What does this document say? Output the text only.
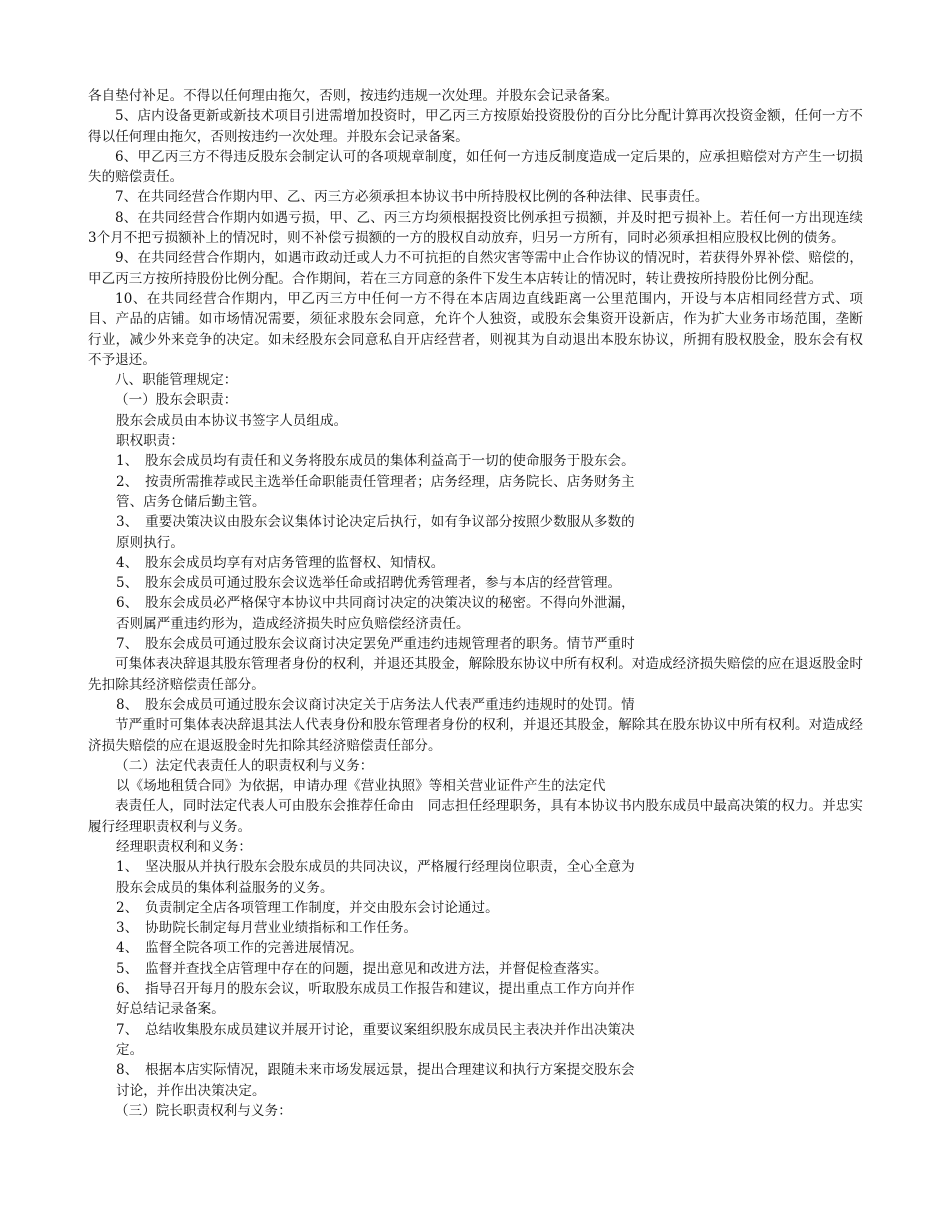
各自垫付补足。不得以任何理由拖欠，否则，按违约违规一次处理。并股东会记录备案。

5、店内设备更新或新技术项目引进需增加投资时，甲乙丙三方按原始投资股份的百分比分配计算再次投资金额，任何一方不得以任何理由拖欠，否则按违约一次处理。并股东会记录备案。

6、甲乙丙三方不得违反股东会制定认可的各项规章制度，如任何一方违反制度造成一定后果的，应承担赔偿对方产生一切损失的赔偿责任。

7、在共同经营合作期内甲、乙、丙三方必须承担本协议书中所持股权比例的各种法律、民事责任。

8、在共同经营合作期内如遇亏损，甲、乙、丙三方均须根据投资比例承担亏损额，并及时把亏损补上。若任何一方出现连续3个月不把亏损额补上的情况时，则不补偿亏损额的一方的股权自动放弃，归另一方所有，同时必须承担相应股权比例的债务。

9、在共同经营合作期内，如遇市政动迁或人力不可抗拒的自然灾害等需中止合作协议的情况时，若获得外界补偿、赔偿的，甲乙丙三方按所持股份比例分配。合作期间，若在三方同意的条件下发生本店转让的情况时，转让费按所持股份比例分配。

10、在共同经营合作期内，甲乙丙三方中任何一方不得在本店周边直线距离一公里范围内，开设与本店相同经营方式、项目、产品的店铺。如市场情况需要，须征求股东会同意，允许个人独资，或股东会集资开设新店，作为扩大业务市场范围，垄断行业，减少外来竞争的决定。如未经股东会同意私自开店经营者，则视其为自动退出本股东协议，所拥有股权股金，股东会有权不予退还。

八、职能管理规定：

（一）股东会职责：

股东会成员由本协议书签字人员组成。

职权职责：

1、　股东会成员均有责任和义务将股东成员的集体利益高于一切的使命服务于股东会。

2、　按责所需推荐或民主选举任命职能责任管理者；店务经理，店务院长、店务财务主

管、店务仓储后勤主管。

3、　重要决策决议由股东会议集体讨论决定后执行，如有争议部分按照少数服从多数的

原则执行。

4、　股东会成员均享有对店务管理的监督权、知情权。

5、　股东会成员可通过股东会议选举任命或招聘优秀管理者，参与本店的经营管理。

6、　股东会成员必严格保守本协议中共同商讨决定的决策决议的秘密。不得向外泄漏，

否则属严重违约形为，造成经济损失时应负赔偿经济责任。

7、　股东会成员可通过股东会议商讨决定罢免严重违约违规管理者的职务。情节严重时

可集体表决辞退其股东管理者身份的权利，并退还其股金，解除股东协议中所有权利。对造成经济损失赔偿的应在退返股金时先扣除其经济赔偿责任部分。

8、　股东会成员可通过股东会议商讨决定关于店务法人代表严重违约违规时的处罚。情

节严重时可集体表决辞退其法人代表身份和股东管理者身份的权利，并退还其股金，解除其在股东协议中所有权利。对造成经济损失赔偿的应在退返股金时先扣除其经济赔偿责任部分。

（二）法定代表责任人的职责权利与义务：

以《场地租赁合同》为依据，申请办理《营业执照》等相关营业证件产生的法定代

表责任人，同时法定代表人可由股东会推荐任命由　同志担任经理职务，具有本协议书内股东成员中最高决策的权力。并忠实履行经理职责权利与义务。

经理职责权利和义务：

1、　坚决服从并执行股东会股东成员的共同决议，严格履行经理岗位职责，全心全意为

股东会成员的集体利益服务的义务。

2、　负责制定全店各项管理工作制度，并交由股东会讨论通过。

3、　协助院长制定每月营业业绩指标和工作任务。

4、　监督全院各项工作的完善进展情况。

5、　监督并查找全店管理中存在的问题，提出意见和改进方法，并督促检查落实。

6、　指导召开每月的股东会议，听取股东成员工作报告和建议，提出重点工作方向并作

好总结记录备案。

7、　总结收集股东成员建议并展开讨论，重要议案组织股东成员民主表决并作出决策决

定。

8、　根据本店实际情况，跟随未来市场发展远景，提出合理建议和执行方案提交股东会

讨论，并作出决策决定。

（三）院长职责权利与义务：
